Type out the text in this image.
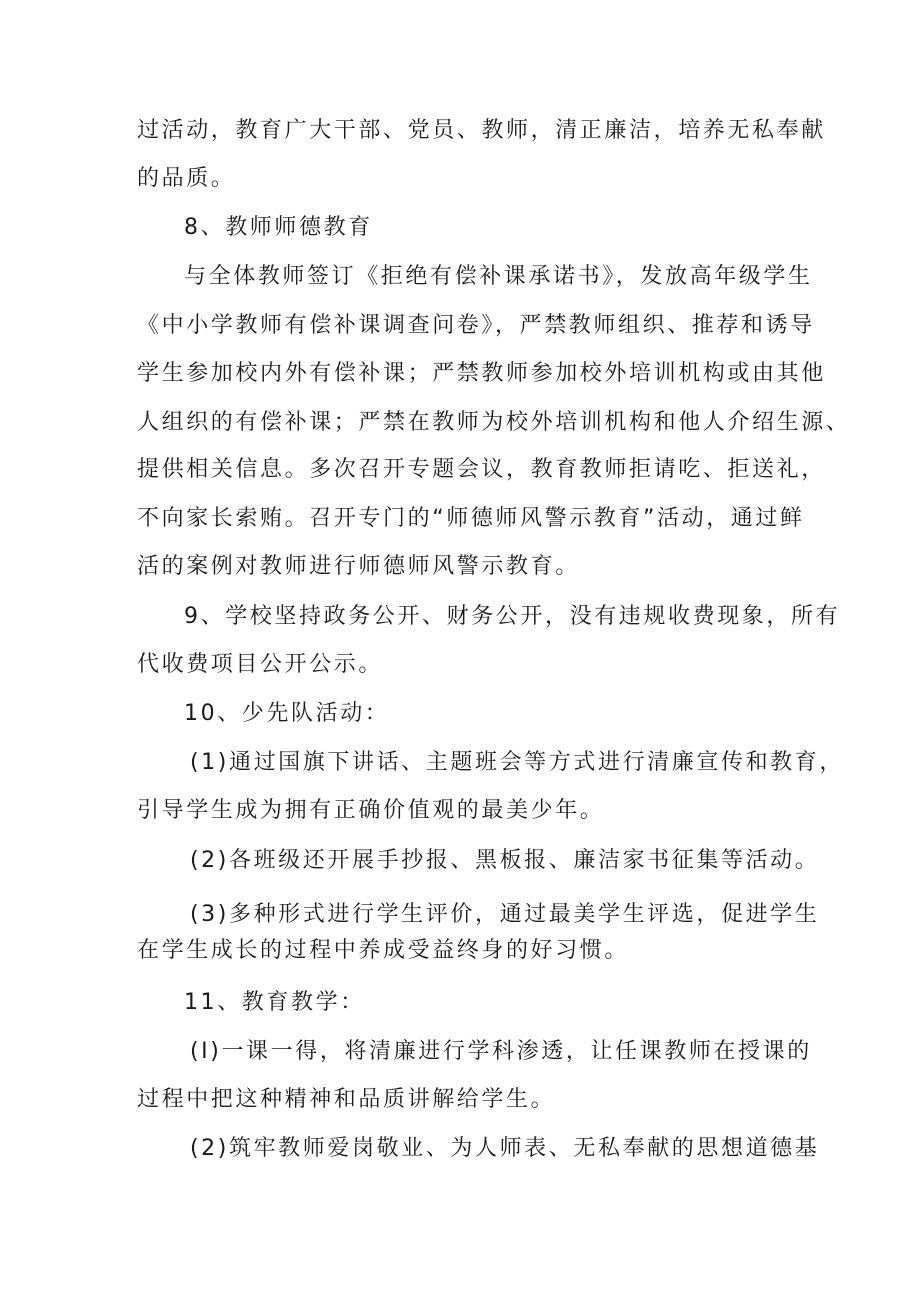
过活动，教育广大干部、党员、教师，清正廉洁，培养无私奉献
的品质。
8、教师师德教育
与全体教师签订《拒绝有偿补课承诺书》，发放高年级学生
《中小学教师有偿补课调查问卷》，严禁教师组织、推荐和诱导
学生参加校内外有偿补课；严禁教师参加校外培训机构或由其他
人组织的有偿补课；严禁在教师为校外培训机构和他人介绍生源、
提供相关信息。多次召开专题会议，教育教师拒请吃、拒送礼，
不向家长索贿。召开专门的“师德师风警示教育”活动，通过鲜
活的案例对教师进行师德师风警示教育。
9、学校坚持政务公开、财务公开，没有违规收费现象，所有
代收费项目公开公示。
10、少先队活动：
(1)通过国旗下讲话、主题班会等方式进行清廉宣传和教育，
引导学生成为拥有正确价值观的最美少年。
(2)各班级还开展手抄报、黑板报、廉洁家书征集等活动。
(3)多种形式进行学生评价，通过最美学生评选，促进学生
在学生成长的过程中养成受益终身的好习惯。
11、教育教学：
(I)一课一得，将清廉进行学科渗透，让任课教师在授课的
过程中把这种精神和品质讲解给学生。
(2)筑牢教师爱岗敬业、为人师表、无私奉献的思想道德基
